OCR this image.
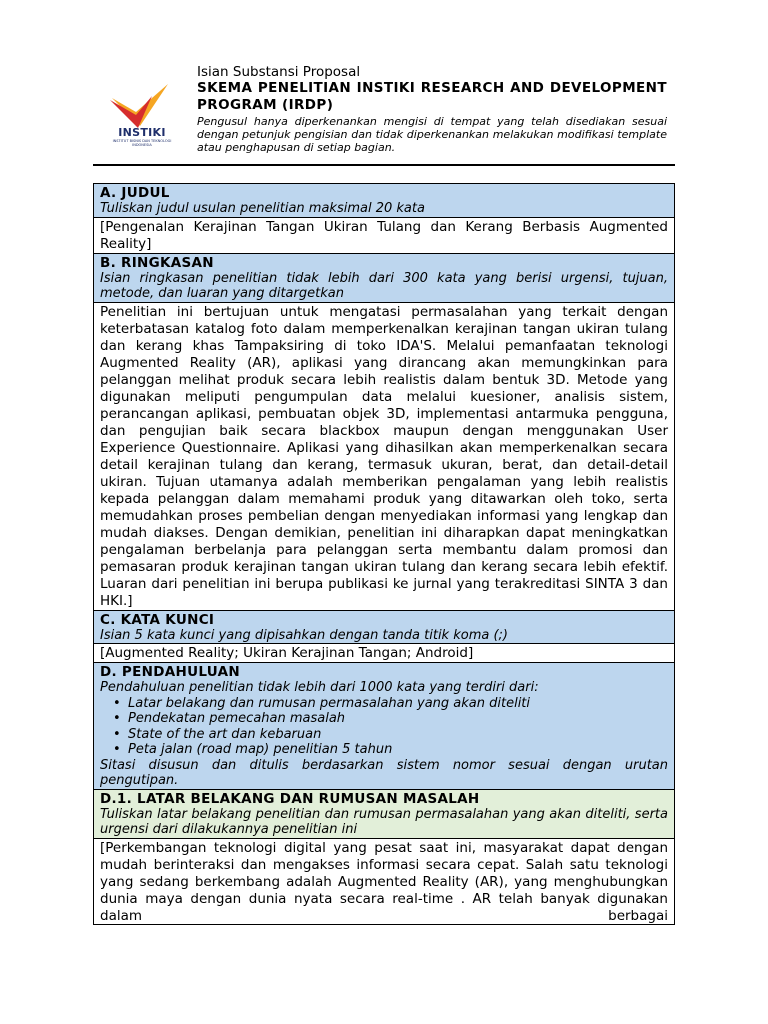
INSTIKI
INSTITUT BISNIS DAN TEKNOLOGI INDONESIA
Isian Substansi Proposal
SKEMA PENELITIAN INSTIKI RESEARCH AND DEVELOPMENT PROGRAM (IRDP)
Pengusul hanya diperkenankan mengisi di tempat yang telah disediakan sesuai dengan petunjuk pengisian dan tidak diperkenankan melakukan modifikasi template atau penghapusan di setiap bagian.
A. JUDUL
Tuliskan judul usulan penelitian maksimal 20 kata
[Pengenalan Kerajinan Tangan Ukiran Tulang dan Kerang Berbasis Augmented Reality]
B. RINGKASAN
Isian ringkasan penelitian tidak lebih dari 300 kata yang berisi urgensi, tujuan, metode, dan luaran yang ditargetkan
Penelitian ini bertujuan untuk mengatasi permasalahan yang terkait dengan keterbatasan katalog foto dalam memperkenalkan kerajinan tangan ukiran tulang dan kerang khas Tampaksiring di toko IDA'S. Melalui pemanfaatan teknologi Augmented Reality (AR), aplikasi yang dirancang akan memungkinkan para pelanggan melihat produk secara lebih realistis dalam bentuk 3D. Metode yang digunakan meliputi pengumpulan data melalui kuesioner, analisis sistem, perancangan aplikasi, pembuatan objek 3D, implementasi antarmuka pengguna, dan pengujian baik secara blackbox maupun dengan menggunakan User Experience Questionnaire. Aplikasi yang dihasilkan akan memperkenalkan secara detail kerajinan tulang dan kerang, termasuk ukuran, berat, dan detail-detail ukiran. Tujuan utamanya adalah memberikan pengalaman yang lebih realistis kepada pelanggan dalam memahami produk yang ditawarkan oleh toko, serta memudahkan proses pembelian dengan menyediakan informasi yang lengkap dan mudah diakses. Dengan demikian, penelitian ini diharapkan dapat meningkatkan pengalaman berbelanja para pelanggan serta membantu dalam promosi dan pemasaran produk kerajinan tangan ukiran tulang dan kerang secara lebih efektif. Luaran dari penelitian ini berupa publikasi ke jurnal yang terakreditasi SINTA 3 dan HKI.]
C. KATA KUNCI
Isian 5 kata kunci yang dipisahkan dengan tanda titik koma (;)
[Augmented Reality; Ukiran Kerajinan Tangan; Android]
D. PENDAHULUAN
Pendahuluan penelitian tidak lebih dari 1000 kata yang terdiri dari:
• Latar belakang dan rumusan permasalahan yang akan diteliti
• Pendekatan pemecahan masalah
• State of the art dan kebaruan
• Peta jalan (road map) penelitian 5 tahun
Sitasi disusun dan ditulis berdasarkan sistem nomor sesuai dengan urutan pengutipan.
D.1. LATAR BELAKANG DAN RUMUSAN MASALAH
Tuliskan latar belakang penelitian dan rumusan permasalahan yang akan diteliti, serta urgensi dari dilakukannya penelitian ini
[Perkembangan teknologi digital yang pesat saat ini, masyarakat dapat dengan mudah berinteraksi dan mengakses informasi secara cepat. Salah satu teknologi yang sedang berkembang adalah Augmented Reality (AR), yang menghubungkan dunia maya dengan dunia nyata secara real-time . AR telah banyak digunakan dalam berbagai
